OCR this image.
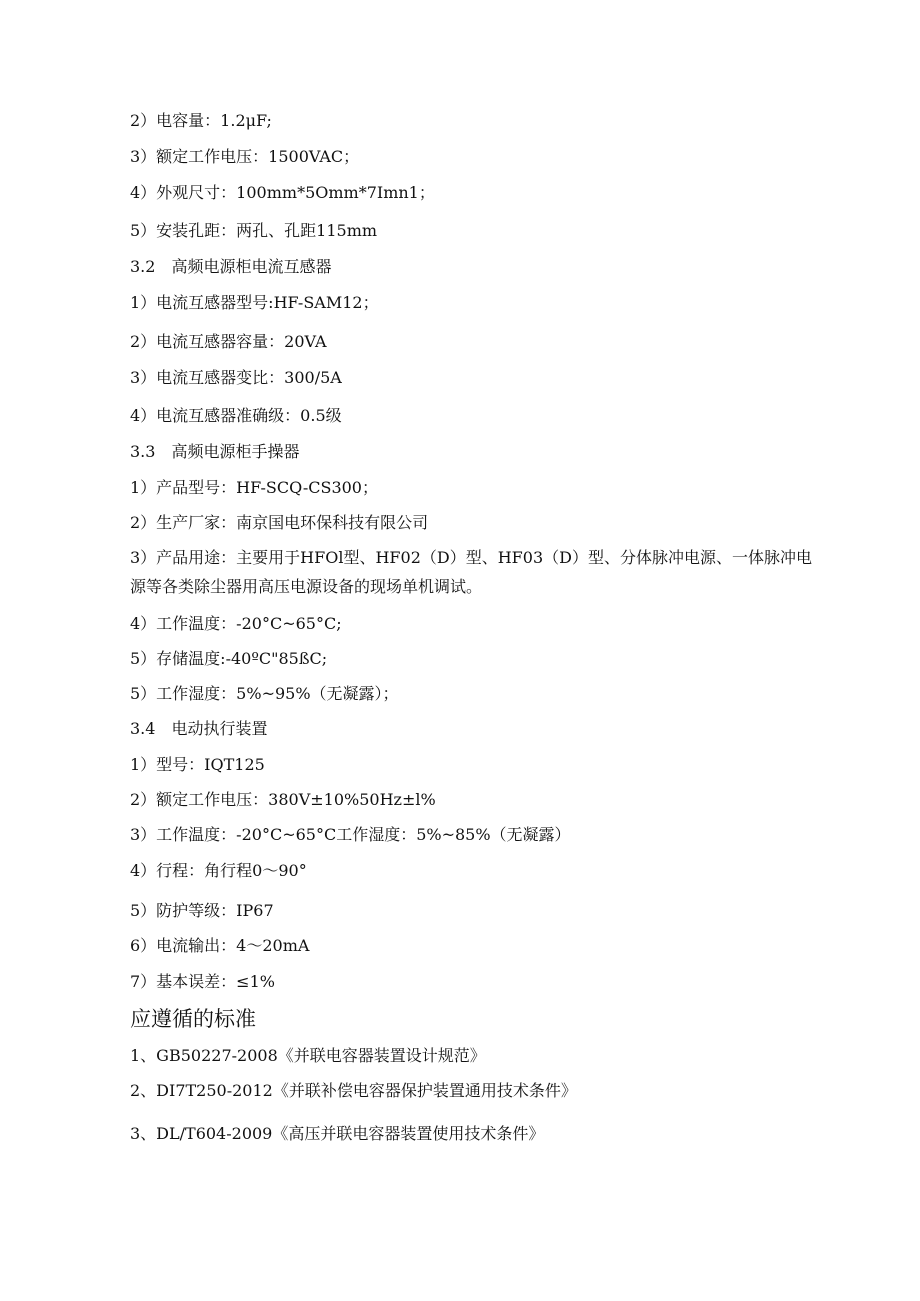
2）电容量：1.2μF;
3）额定工作电压：1500VAC；
4）外观尺寸：100mm*5Omm*7Imn1；
5）安装孔距：两孔、孔距115mm
3.2　高频电源柜电流互感器
1）电流互感器型号:HF-SAM12；
2）电流互感器容量：20VA
3）电流互感器变比：300/5A
4）电流互感器准确级：0.5级
3.3　高频电源柜手操器
1）产品型号：HF-SCQ-CS300；
2）生产厂家：南京国电环保科技有限公司
3）产品用途：主要用于HFOl型、HF02（D）型、HF03（D）型、分体脉冲电源、一体脉冲电源等各类除尘器用高压电源设备的现场单机调试。
4）工作温度：-20°C~65°C;
5）存储温度:-40ºC"85ßC;
5）工作湿度：5%~95%（无凝露）；
3.4　电动执行装置
1）型号：IQT125
2）额定工作电压：380V±10%50Hz±l%
3）工作温度：-20°C~65°C工作湿度：5%~85%（无凝露）
4）行程：角行程0～90°
5）防护等级：IP67
6）电流输出：4～20mA
7）基本误差：≤1%
应遵循的标准
1、GB50227-2008《并联电容器装置设计规范》
2、DI7T250-2012《并联补偿电容器保护装置通用技术条件》
3、DL/T604-2009《高压并联电容器装置使用技术条件》
